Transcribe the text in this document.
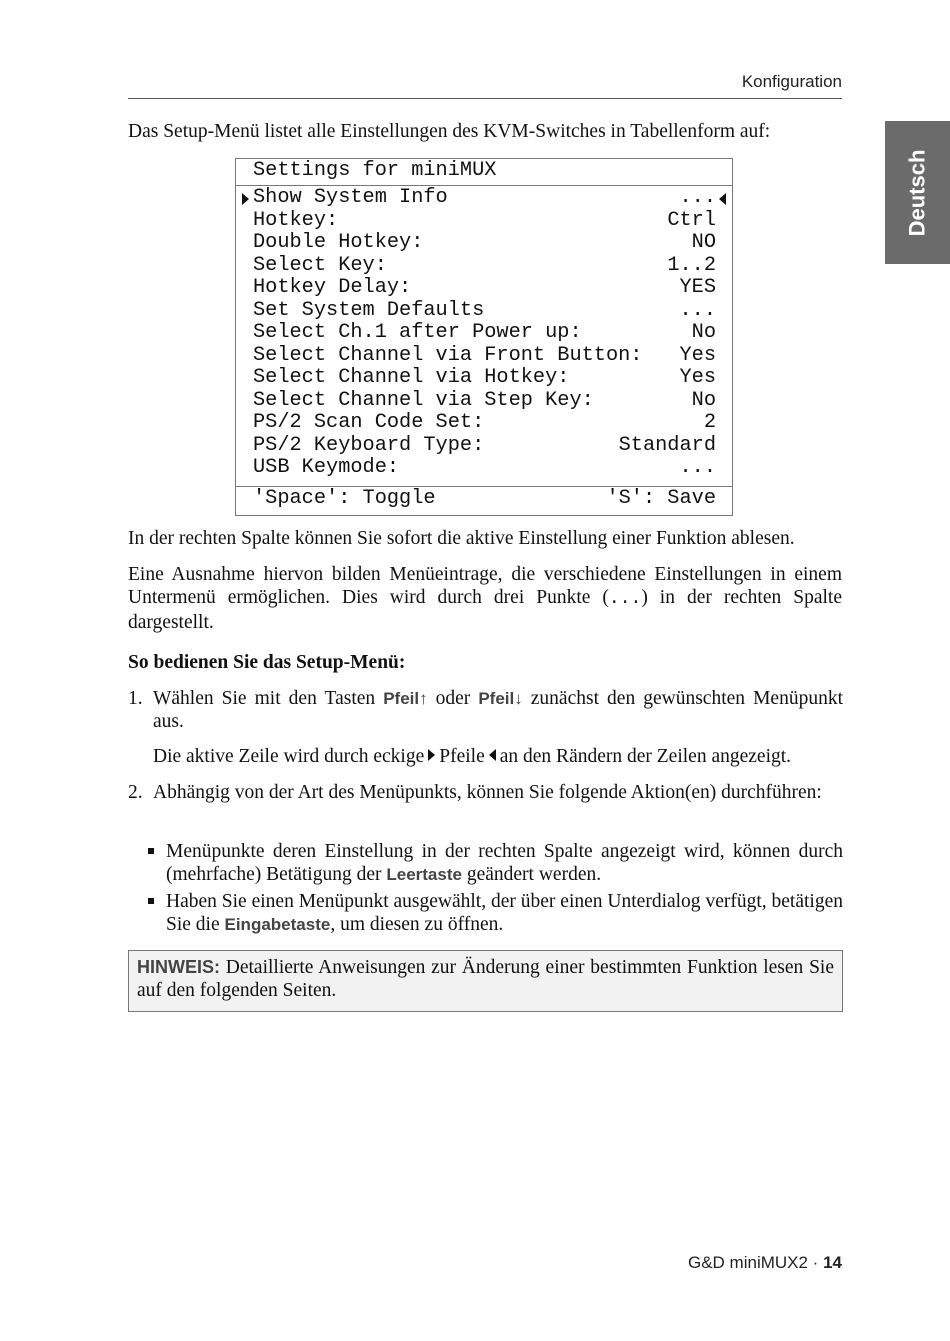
Konfiguration
Deutsch

Das Setup-Menü listet alle Einstellungen des KVM-Switches in Tabellenform auf:

Settings for miniMUX
Show System Info	...
Hotkey:	Ctrl
Double Hotkey:	NO
Select Key:	1..2
Hotkey Delay:	YES
Set System Defaults	...
Select Ch.1 after Power up:	No
Select Channel via Front Button: Yes
Select Channel via Hotkey:	Yes
Select Channel via Step Key:	No
PS/2 Scan Code Set:	2
PS/2 Keyboard Type:	Standard
USB Keymode:	...
'Space': Toggle	'S': Save

In der rechten Spalte können Sie sofort die aktive Einstellung einer Funktion ablesen.

Eine Ausnahme hiervon bilden Menüeintrage, die verschiedene Einstellungen in einem Untermenü ermöglichen. Dies wird durch drei Punkte (...) in der rechten Spalte dargestellt.

So bedienen Sie das Setup-Menü:

1. Wählen Sie mit den Tasten Pfeil↑ oder Pfeil↓ zunächst den gewünschten Menüpunkt aus.

Die aktive Zeile wird durch eckige Pfeile an den Rändern der Zeilen angezeigt.

2. Abhängig von der Art des Menüpunkts, können Sie folgende Aktion(en) durchführen:

Menüpunkte deren Einstellung in der rechten Spalte angezeigt wird, können durch (mehrfache) Betätigung der Leertaste geändert werden.

Haben Sie einen Menüpunkt ausgewählt, der über einen Unterdialog verfügt, betätigen Sie die Eingabetaste, um diesen zu öffnen.

HINWEIS: Detaillierte Anweisungen zur Änderung einer bestimmten Funktion lesen Sie auf den folgenden Seiten.
G&D miniMUX2 · 14
